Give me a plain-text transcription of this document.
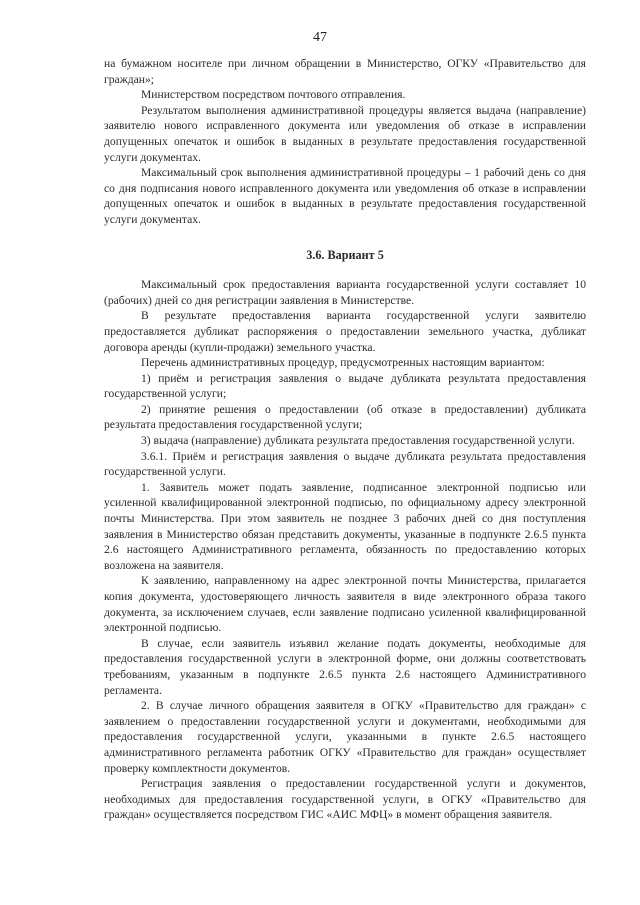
47

на бумажном носителе при личном обращении в Министерство, ОГКУ «Правительство для граждан»;

Министерством посредством почтового отправления.

Результатом выполнения административной процедуры является выдача (направление) заявителю нового исправленного документа или уведомления об отказе в исправлении допущенных опечаток и ошибок в выданных в результате предоставления государственной услуги документах.

Максимальный срок выполнения административной процедуры – 1 рабочий день со дня со дня подписания нового исправленного документа или уведомления об отказе в исправлении допущенных опечаток и ошибок в выданных в результате предоставления государственной услуги документах.

3.6. Вариант 5

Максимальный срок предоставления варианта государственной услуги составляет 10 (рабочих) дней со дня регистрации заявления в Министерстве.

В результате предоставления варианта государственной услуги заявителю предоставляется дубликат распоряжения о предоставлении земельного участка, дубликат договора аренды (купли-продажи) земельного участка.

Перечень административных процедур, предусмотренных настоящим вариантом:

1) приём и регистрация заявления о выдаче дубликата результата предоставления государственной услуги;

2) принятие решения о предоставлении (об отказе в предоставлении) дубликата результата предоставления государственной услуги;

3) выдача (направление) дубликата результата предоставления государственной услуги.

3.6.1. Приём и регистрация заявления о выдаче дубликата результата предоставления государственной услуги.

1. Заявитель может подать заявление, подписанное электронной подписью или усиленной квалифицированной электронной подписью, по официальному адресу электронной почты Министерства. При этом заявитель не позднее 3 рабочих дней со дня поступления заявления в Министерство обязан представить документы, указанные в подпункте 2.6.5 пункта 2.6 настоящего Административного регламента, обязанность по предоставлению которых возложена на заявителя.

К заявлению, направленному на адрес электронной почты Министерства, прилагается копия документа, удостоверяющего личность заявителя в виде электронного образа такого документа, за исключением случаев, если заявление подписано усиленной квалифицированной электронной подписью.

В случае, если заявитель изъявил желание подать документы, необходимые для предоставления государственной услуги в электронной форме, они должны соответствовать требованиям, указанным в подпункте 2.6.5 пункта 2.6 настоящего Административного регламента.

2. В случае личного обращения заявителя в ОГКУ «Правительство для граждан» с заявлением о предоставлении государственной услуги и документами, необходимыми для предоставления государственной услуги, указанными в пункте 2.6.5 настоящего административного регламента работник ОГКУ «Правительство для граждан» осуществляет проверку комплектности документов.

Регистрация заявления о предоставлении государственной услуги и документов, необходимых для предоставления государственной услуги, в ОГКУ «Правительство для граждан» осуществляется посредством ГИС «АИС МФЦ» в момент обращения заявителя.
